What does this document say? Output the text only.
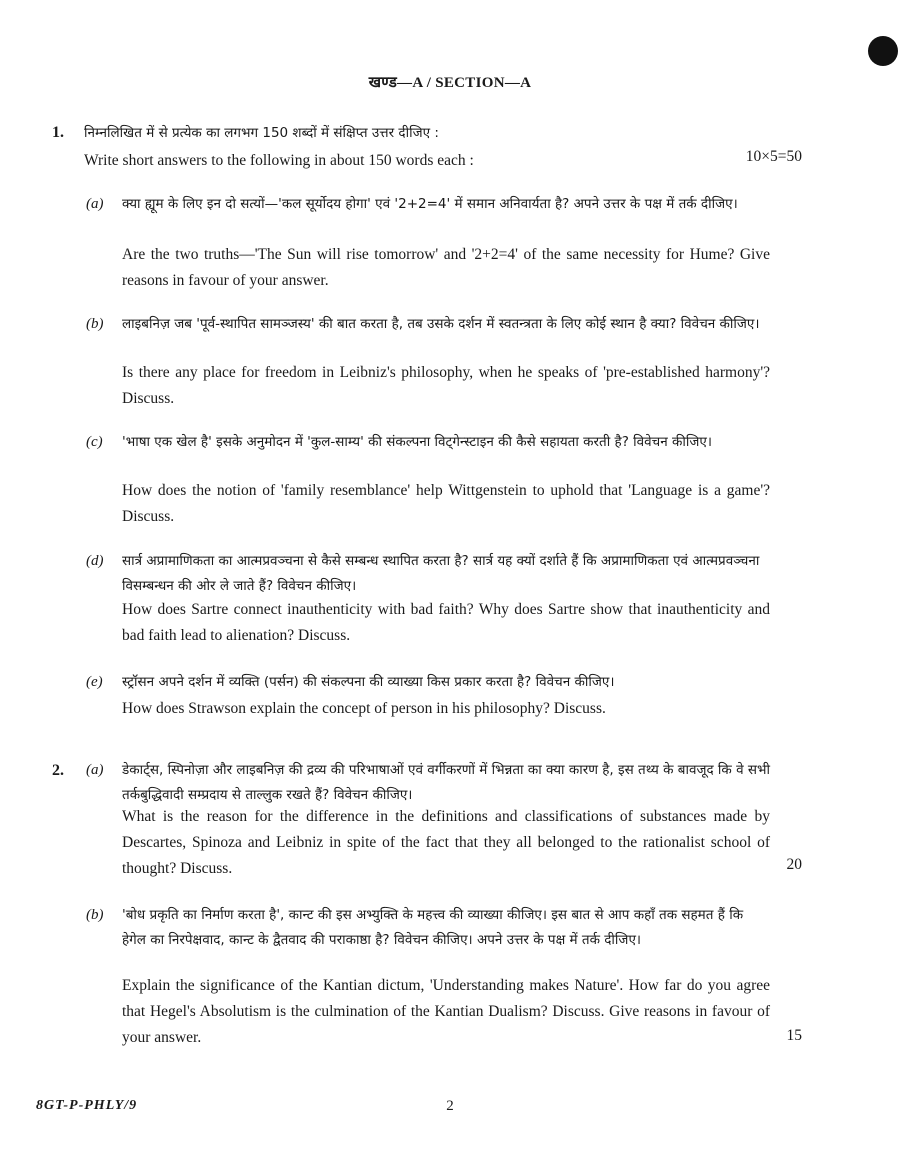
खण्ड—A / SECTION—A
1. निम्नलिखित में से प्रत्येक का लगभग 150 शब्दों में संक्षिप्त उत्तर दीजिए :
Write short answers to the following in about 150 words each :	10×5=50
(a) क्या ह्यूम के लिए इन दो सत्यों—'कल सूर्योदय होगा' एवं '2+2=4' में समान अनिवार्यता है? अपने उत्तर के पक्ष में तर्क दीजिए।
Are the two truths—'The Sun will rise tomorrow' and '2+2=4' of the same necessity for Hume? Give reasons in favour of your answer.
(b) लाइबनिज़ जब 'पूर्व-स्थापित सामञ्जस्य' की बात करता है, तब उसके दर्शन में स्वतन्त्रता के लिए कोई स्थान है क्या? विवेचन कीजिए।
Is there any place for freedom in Leibniz's philosophy, when he speaks of 'pre-established harmony'? Discuss.
(c) 'भाषा एक खेल है' इसके अनुमोदन में 'कुल-साम्य' की संकल्पना विट्गेन्स्टाइन की कैसे सहायता करती है? विवेचन कीजिए।
How does the notion of 'family resemblance' help Wittgenstein to uphold that 'Language is a game'? Discuss.
(d) सार्त्र अप्रामाणिकता का आत्मप्रवञ्चना से कैसे सम्बन्ध स्थापित करता है? सार्त्र यह क्यों दर्शाते हैं कि अप्रामाणिकता एवं आत्मप्रवञ्चना विसम्बन्धन की ओर ले जाते हैं? विवेचन कीजिए।
How does Sartre connect inauthenticity with bad faith? Why does Sartre show that inauthenticity and bad faith lead to alienation? Discuss.
(e) स्ट्रॉसन अपने दर्शन में व्यक्ति (पर्सन) की संकल्पना की व्याख्या किस प्रकार करता है? विवेचन कीजिए।
How does Strawson explain the concept of person in his philosophy? Discuss.
2. (a) डेकार्ट्स, स्पिनोज़ा और लाइबनिज़ की द्रव्य की परिभाषाओं एवं वर्गीकरणों में भिन्नता का क्या कारण है, इस तथ्य के बावजूद कि वे सभी तर्कबुद्धिवादी सम्प्रदाय से ताल्लुक रखते हैं? विवेचन कीजिए।
What is the reason for the difference in the definitions and classifications of substances made by Descartes, Spinoza and Leibniz in spite of the fact that they all belonged to the rationalist school of thought? Discuss.	20
(b) 'बोध प्रकृति का निर्माण करता है', कान्ट की इस अभ्युक्ति के महत्त्व की व्याख्या कीजिए। इस बात से आप कहाँ तक सहमत हैं कि हेगेल का निरपेक्षवाद, कान्ट के द्वैतवाद की पराकाष्ठा है? विवेचन कीजिए। अपने उत्तर के पक्ष में तर्क दीजिए।
Explain the significance of the Kantian dictum, 'Understanding makes Nature'. How far do you agree that Hegel's Absolutism is the culmination of the Kantian Dualism? Discuss. Give reasons in favour of your answer.	15
8GT-P-PHLY/9	2
